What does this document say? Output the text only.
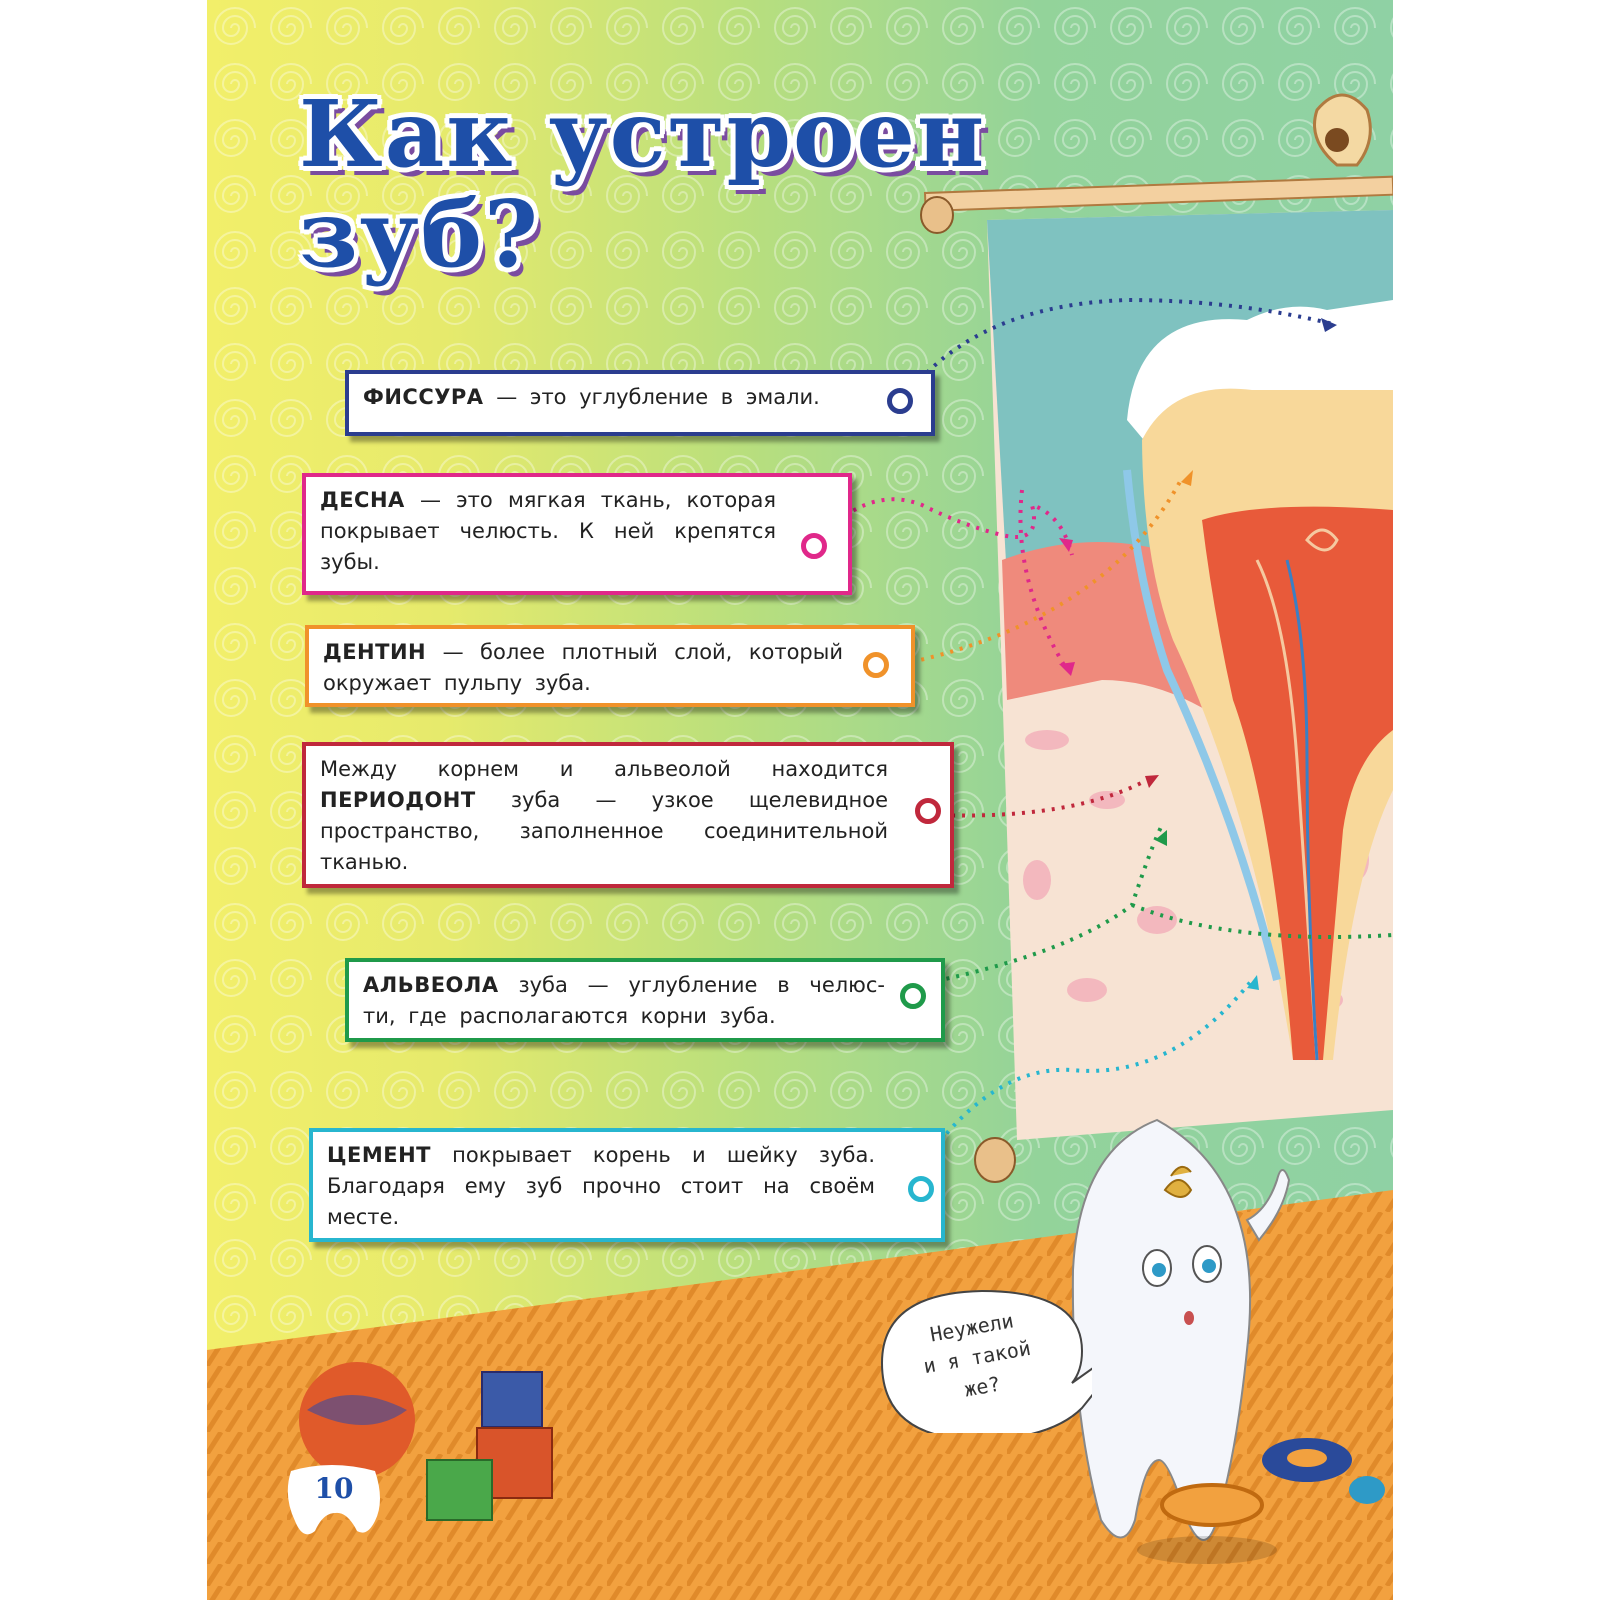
Как устроен
зуб?
ФИССУРА — это углубление в эмали.
ДЕСНА — это мягкая ткань, которая покрывает челюсть. К ней крепятся зубы.
ДЕНТИН — более плотный слой, который окружает пульпу зуба.
Между корнем и альвеолой находится ПЕРИОДОНТ зуба — узкое щелевидное пространство, заполненное соединительной тканью.
АЛЬВЕОЛА зуба — углубление в челюс- ти, где располагаются корни зуба.
ЦЕМЕНТ покрывает корень и шейку зуба. Благодаря ему зуб прочно стоит на своём месте.
Неужели
и я такой
же?
10
